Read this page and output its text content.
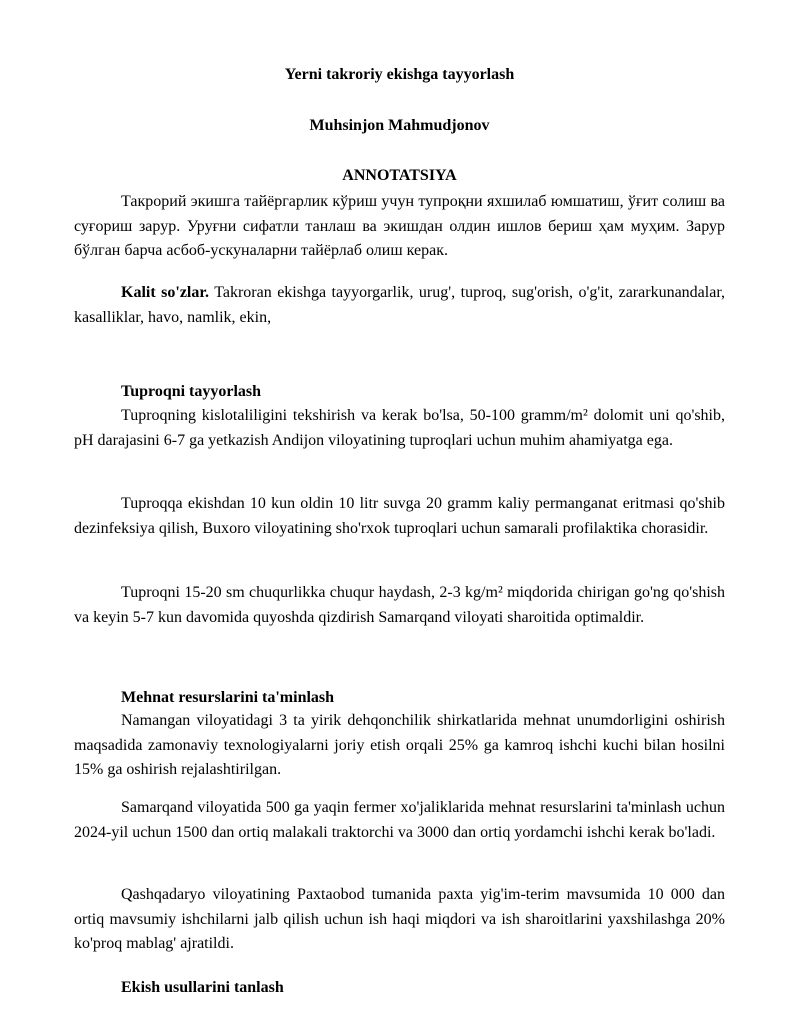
Yerni takroriy ekishga tayyorlash
Muhsinjon Mahmudjonov
ANNOTATSIYA

Такрорий экишга тайёргарлик кўриш учун тупроқни яхшилаб юмшатиш, ўғит солиш ва суғориш зарур. Уруғни сифатли танлаш ва экишдан олдин ишлов бериш ҳам муҳим. Зарур бўлган барча асбоб-ускуналарни тайёрлаб олиш керак.

Kalit so'zlar. Takroran ekishga tayyorgarlik, urug', tuproq, sug'orish, o'g'it, zararkunandalar, kasalliklar, havo, namlik, ekin,

Tuproqni tayyorlash

Tuproqning kislotaliligini tekshirish va kerak bo'lsa, 50-100 gramm/m² dolomit uni qo'shib, pH darajasini 6-7 ga yetkazish Andijon viloyatining tuproqlari uchun muhim ahamiyatga ega.

Tuproqqa ekishdan 10 kun oldin 10 litr suvga 20 gramm kaliy permanganat eritmasi qo'shib dezinfeksiya qilish, Buxoro viloyatining sho'rxok tuproqlari uchun samarali profilaktika chorasidir.

Tuproqni 15-20 sm chuqurlikka chuqur haydash, 2-3 kg/m² miqdorida chirigan go'ng qo'shish va keyin 5-7 kun davomida quyoshda qizdirish Samarqand viloyati sharoitida optimaldir.

Mehnat resurslarini ta'minlash

Namangan viloyatidagi 3 ta yirik dehqonchilik shirkatlarida mehnat unumdorligini oshirish maqsadida zamonaviy texnologiyalarni joriy etish orqali 25% ga kamroq ishchi kuchi bilan hosilni 15% ga oshirish rejalashtirilgan.

Samarqand viloyatida 500 ga yaqin fermer xo'jaliklarida mehnat resurslarini ta'minlash uchun 2024-yil uchun 1500 dan ortiq malakali traktorchi va 3000 dan ortiq yordamchi ishchi kerak bo'ladi.

Qashqadaryo viloyatining Paxtaobod tumanida paxta yig'im-terim mavsumida 10 000 dan ortiq mavsumiy ishchilarni jalb qilish uchun ish haqi miqdori va ish sharoitlarini yaxshilashga 20% ko'proq mablag' ajratildi.

Ekish usullarini tanlash
